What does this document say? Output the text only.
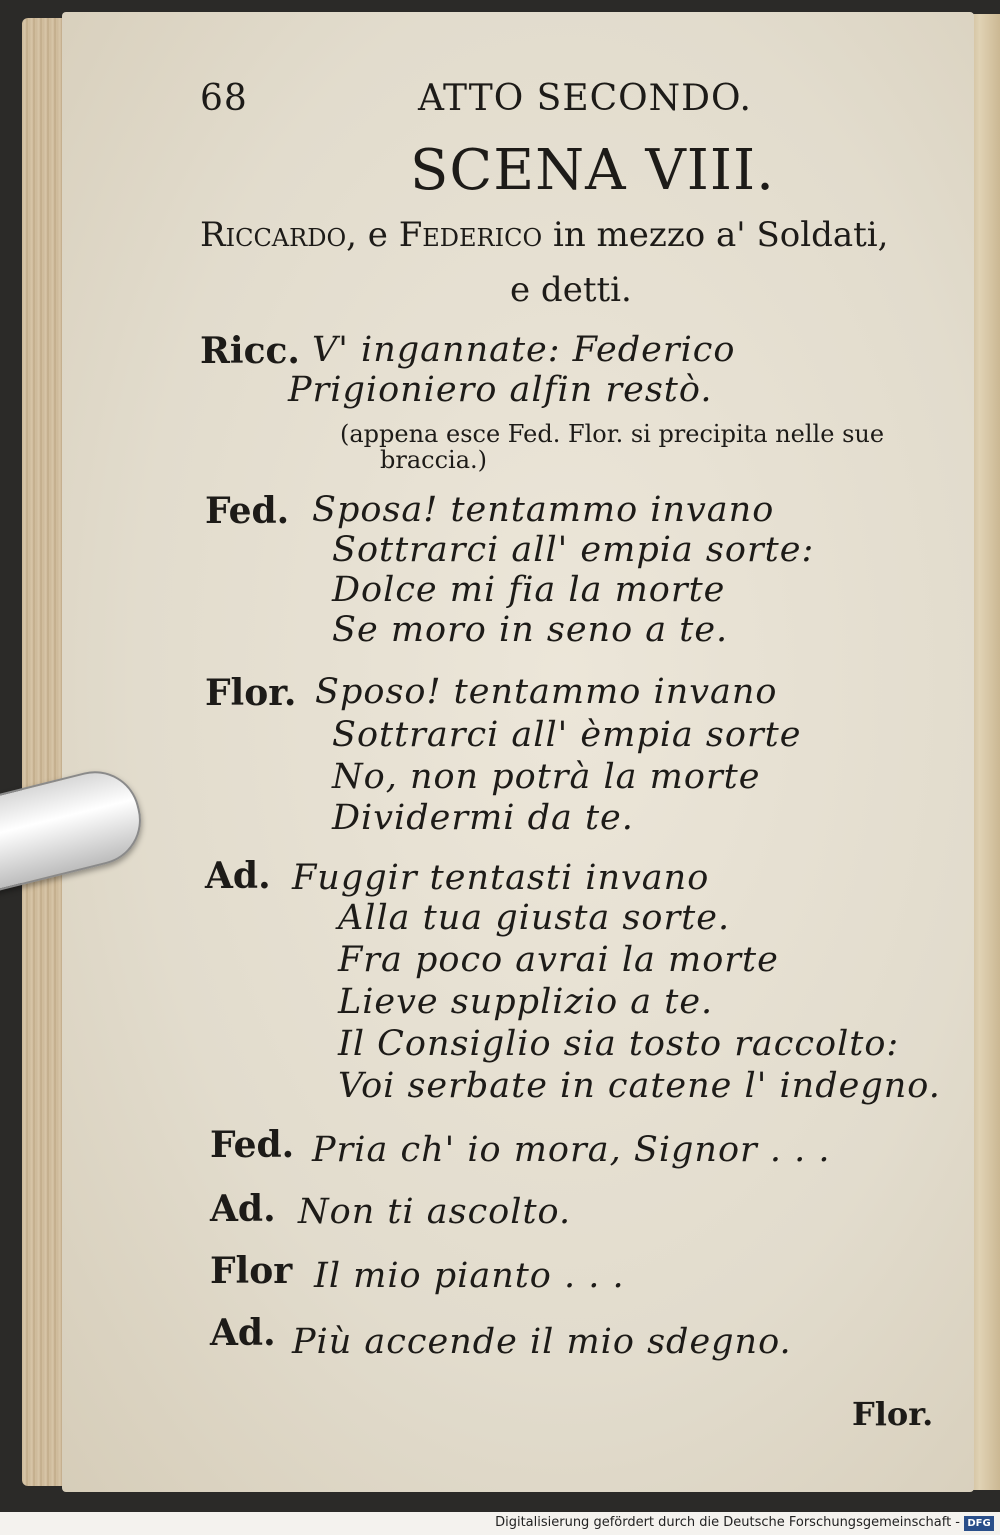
68	ATTO SECONDO.
SCENA VIII.
Riccardo, e Federico in mezzo a' Soldati,
e detti.
Ricc. V' ingannate: Federico
Prigioniero alfin restò.
(appena esce Fed. Flor. si precipita nelle sue
braccia.)
Fed. Sposa! tentammo invano
Sottrarci all' empia sorte:
Dolce mi fia la morte
Se moro in seno a te.
Flor. Sposo! tentammo invano
Sottrarci all' èmpia sorte
No, non potrà la morte
Dividermi da te.
Ad. Fuggir tentasti invano
Alla tua giusta sorte.
Fra poco avrai la morte
Lieve supplizio a te.
Il Consiglio sia tosto raccolto:
Voi serbate in catene l' indegno.
Fed. Pria ch' io mora, Signor . . .
Ad. Non ti ascolto.
Flor Il mio pianto . . .
Ad. Più accende il mio sdegno.
Flor.
Digitalisierung gefördert durch die Deutsche Forschungsgemeinschaft - DFG
